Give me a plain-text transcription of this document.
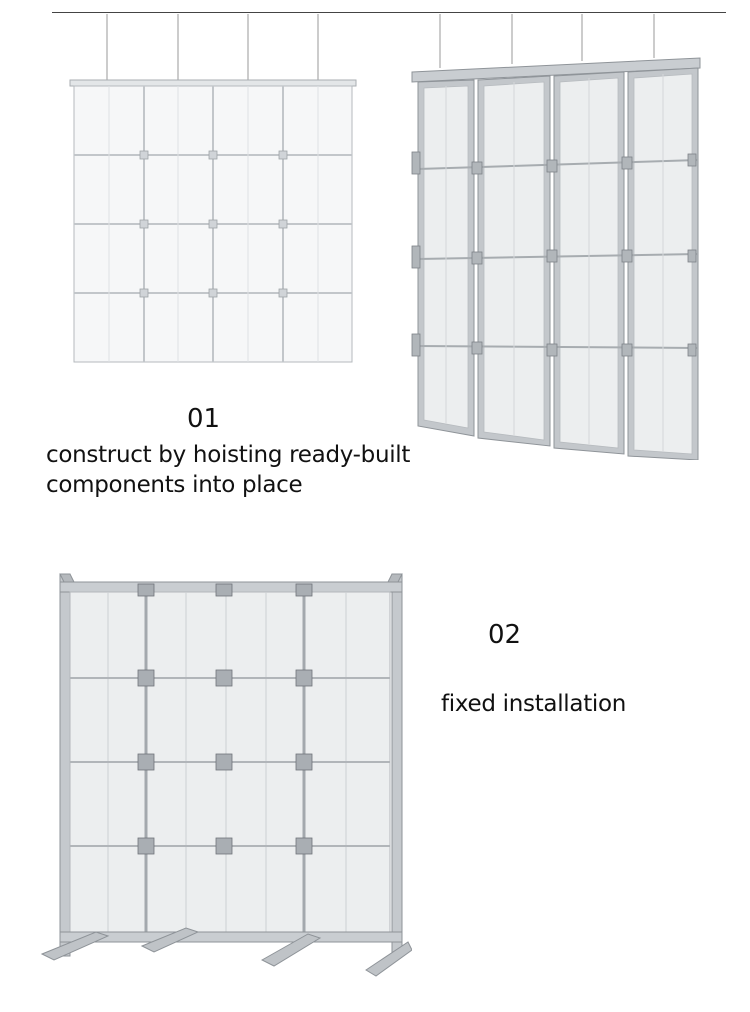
01
construct by hoisting ready-built
components into place
02
fixed installation
